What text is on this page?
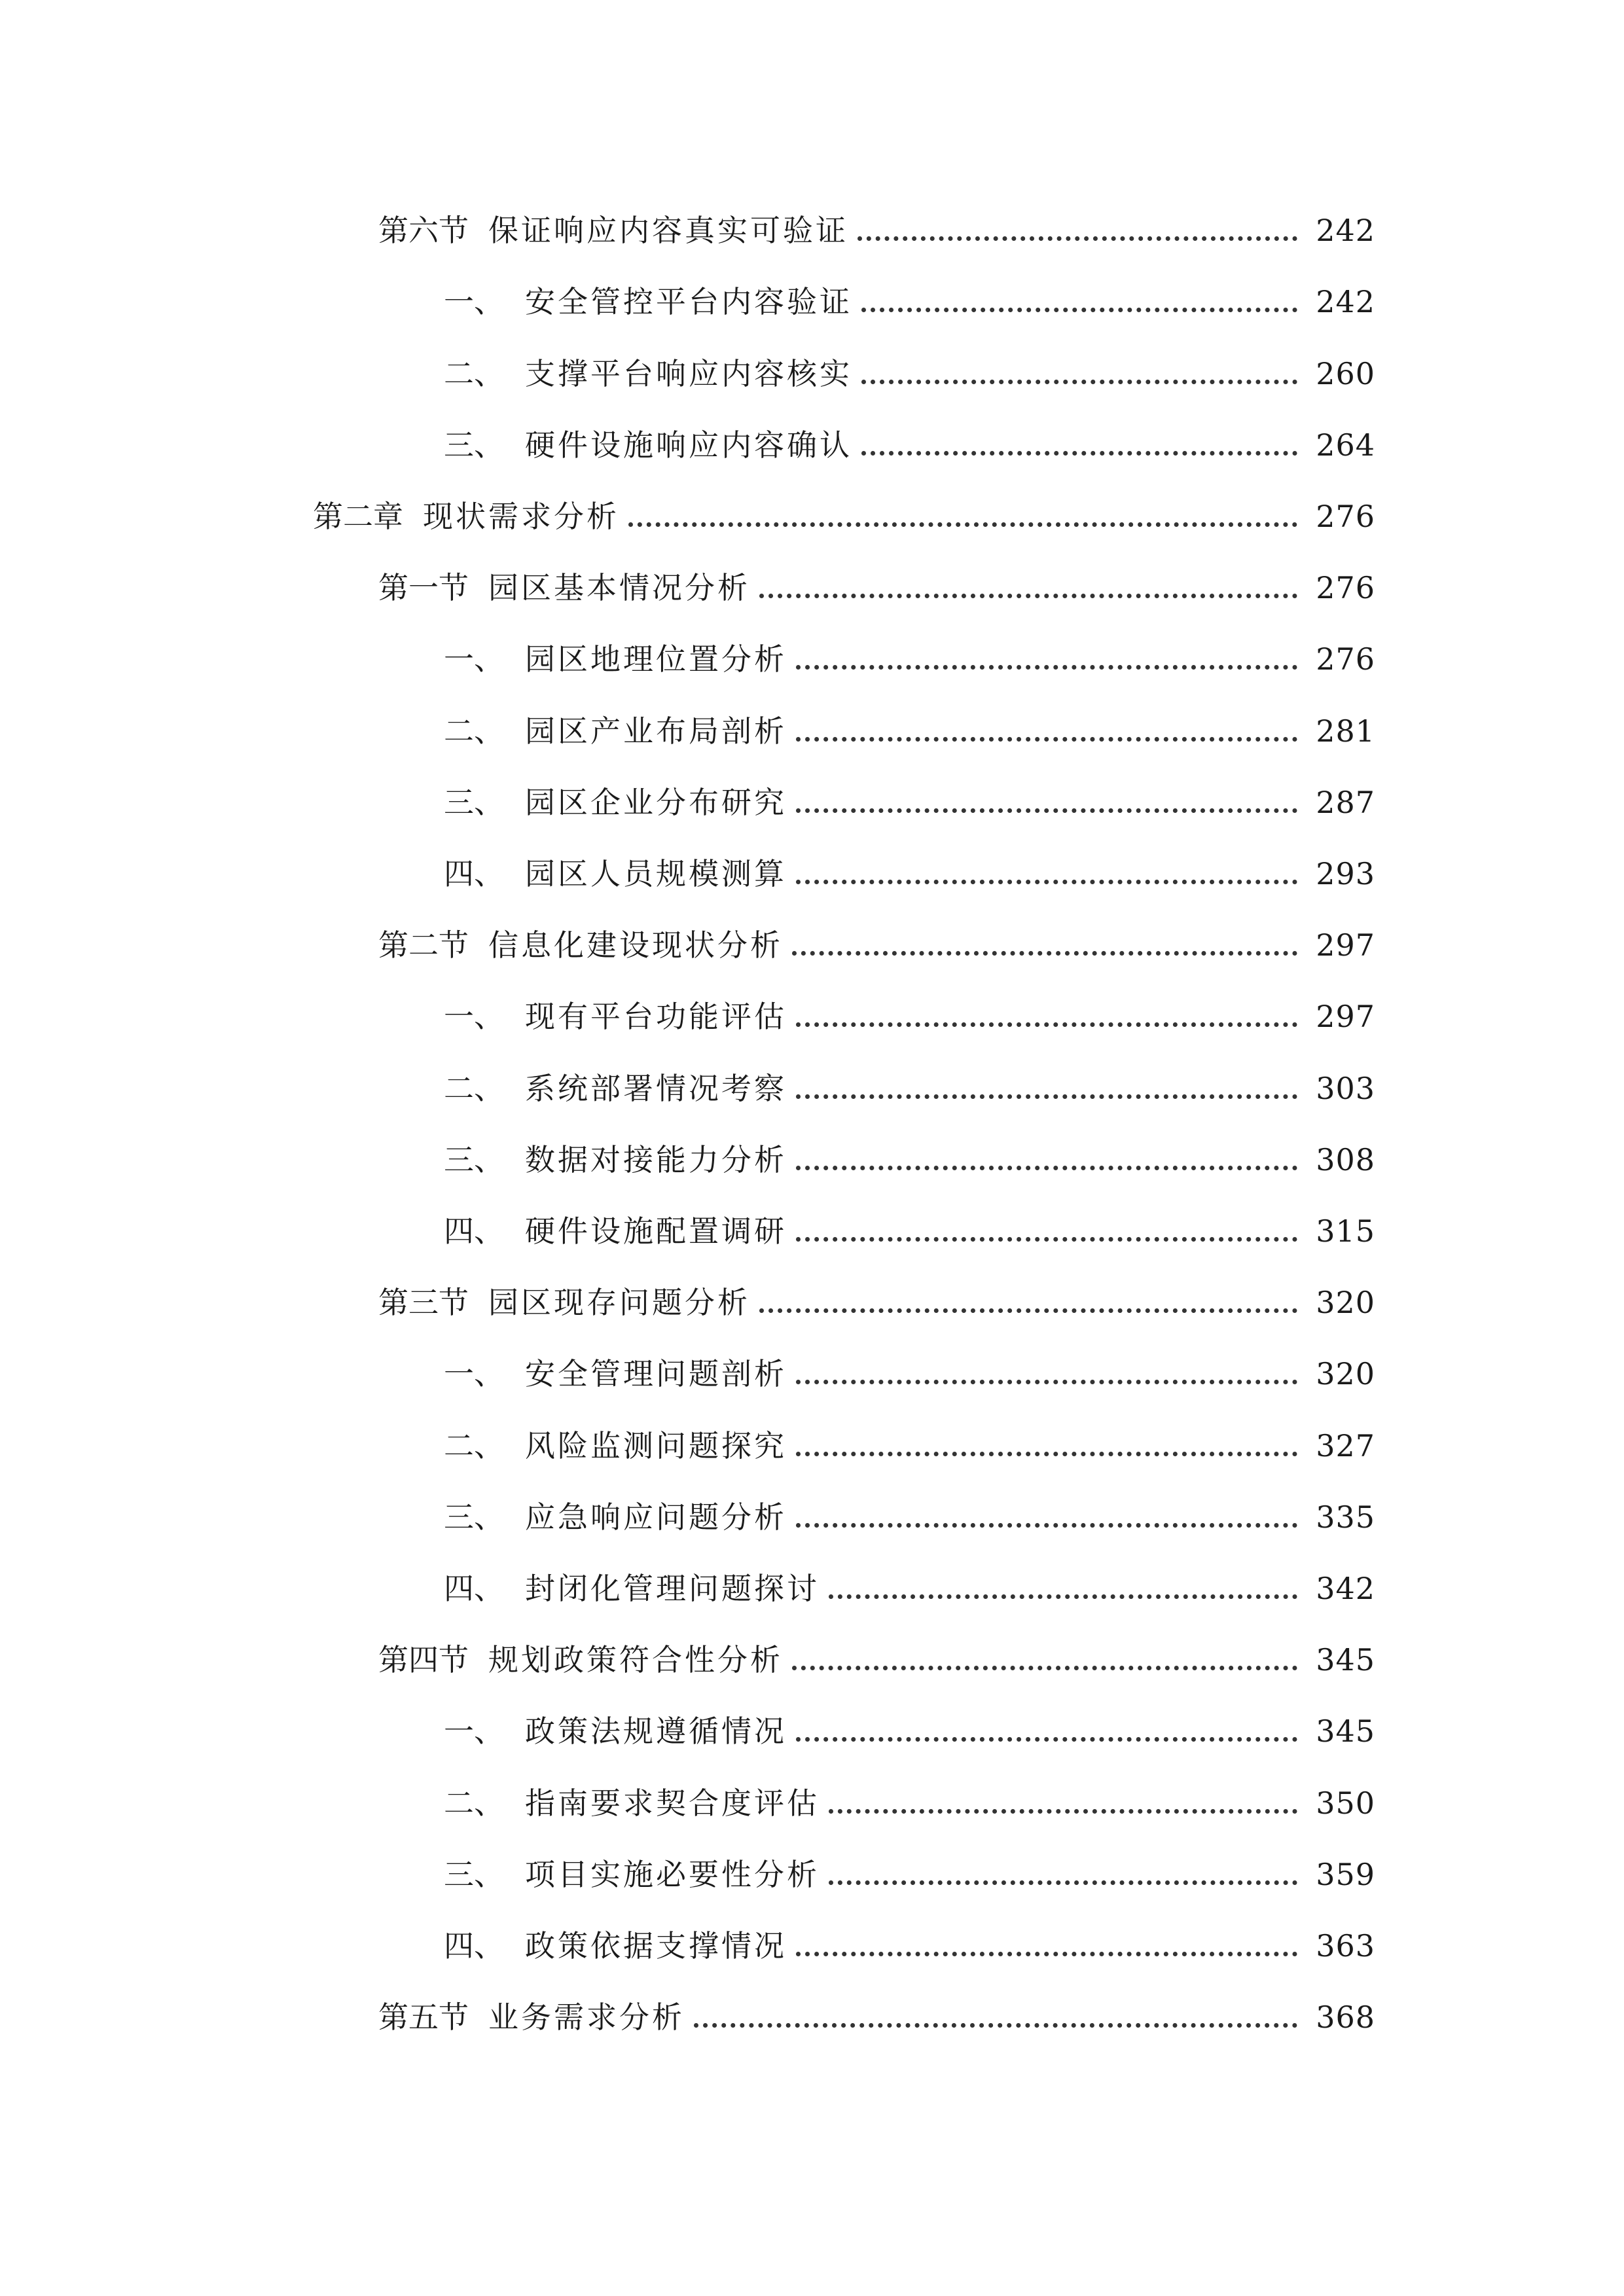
第六节 保证响应内容真实可验证	242
一、 安全管控平台内容验证	242
二、 支撑平台响应内容核实	260
三、 硬件设施响应内容确认	264
第二章 现状需求分析	276
第一节 园区基本情况分析	276
一、 园区地理位置分析	276
二、 园区产业布局剖析	281
三、 园区企业分布研究	287
四、 园区人员规模测算	293
第二节 信息化建设现状分析	297
一、 现有平台功能评估	297
二、 系统部署情况考察	303
三、 数据对接能力分析	308
四、 硬件设施配置调研	315
第三节 园区现存问题分析	320
一、 安全管理问题剖析	320
二、 风险监测问题探究	327
三、 应急响应问题分析	335
四、 封闭化管理问题探讨	342
第四节 规划政策符合性分析	345
一、 政策法规遵循情况	345
二、 指南要求契合度评估	350
三、 项目实施必要性分析	359
四、 政策依据支撑情况	363
第五节 业务需求分析	368
